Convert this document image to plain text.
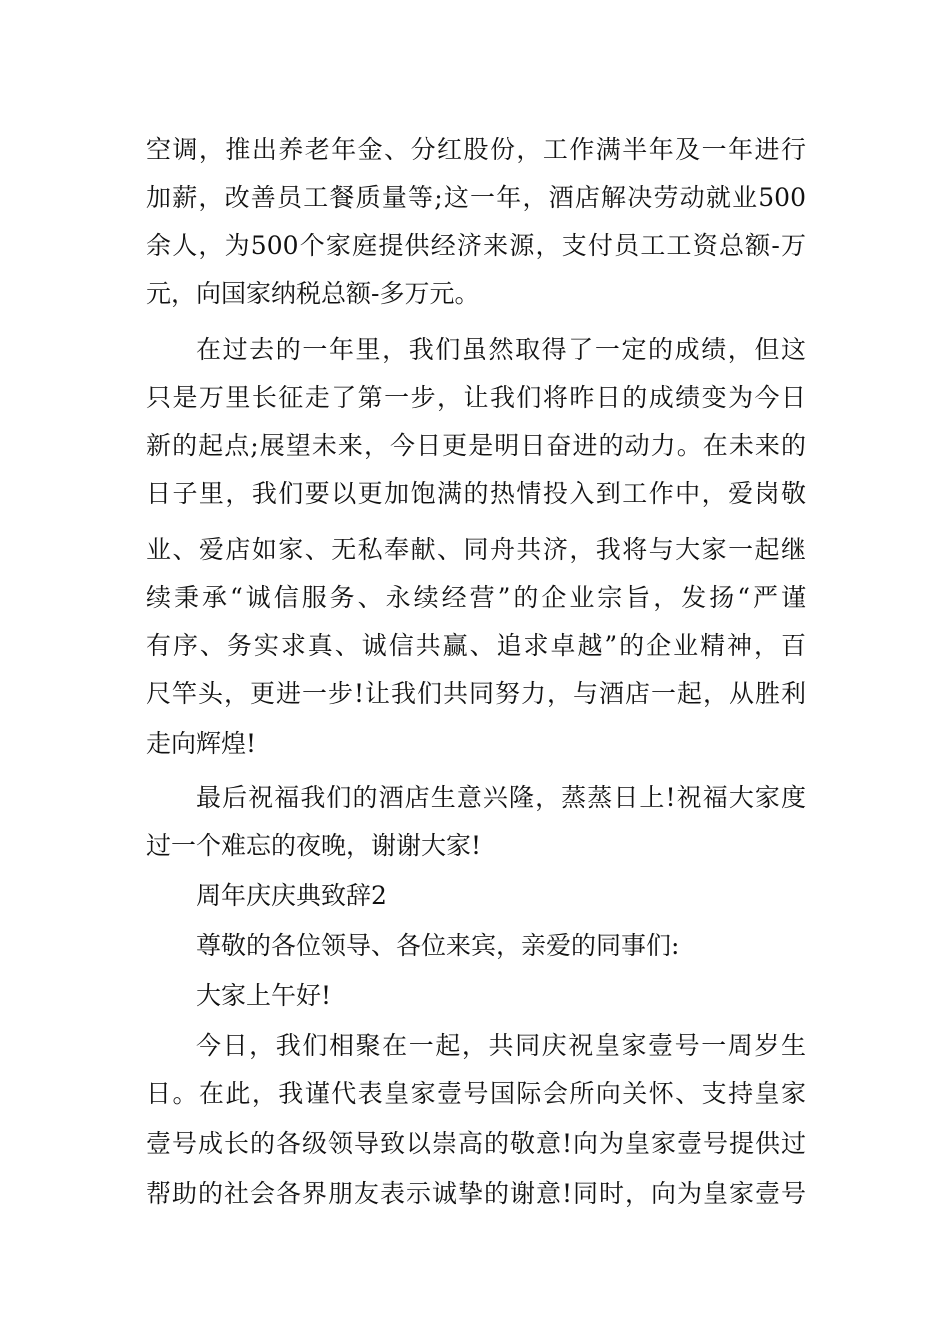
空调，推出养老年金、分红股份，工作满半年及一年进行
加薪，改善员工餐质量等;这一年，酒店解决劳动就业500
余人，为500个家庭提供经济来源，支付员工工资总额-万
元，向国家纳税总额-多万元。
在过去的一年里，我们虽然取得了一定的成绩，但这
只是万里长征走了第一步，让我们将昨日的成绩变为今日
新的起点;展望未来，今日更是明日奋进的动力。在未来的
日子里，我们要以更加饱满的热情投入到工作中，爱岗敬
业、爱店如家、无私奉献、同舟共济，我将与大家一起继
续秉承“诚信服务、永续经营”的企业宗旨，发扬“严谨
有序、务实求真、诚信共赢、追求卓越”的企业精神，百
尺竿头，更进一步!让我们共同努力，与酒店一起，从胜利
走向辉煌!
最后祝福我们的酒店生意兴隆，蒸蒸日上!祝福大家度
过一个难忘的夜晚，谢谢大家!
周年庆庆典致辞2
尊敬的各位领导、各位来宾，亲爱的同事们:
大家上午好!
今日，我们相聚在一起，共同庆祝皇家壹号一周岁生
日。在此，我谨代表皇家壹号国际会所向关怀、支持皇家
壹号成长的各级领导致以崇高的敬意!向为皇家壹号提供过
帮助的社会各界朋友表示诚挚的谢意!同时，向为皇家壹号
